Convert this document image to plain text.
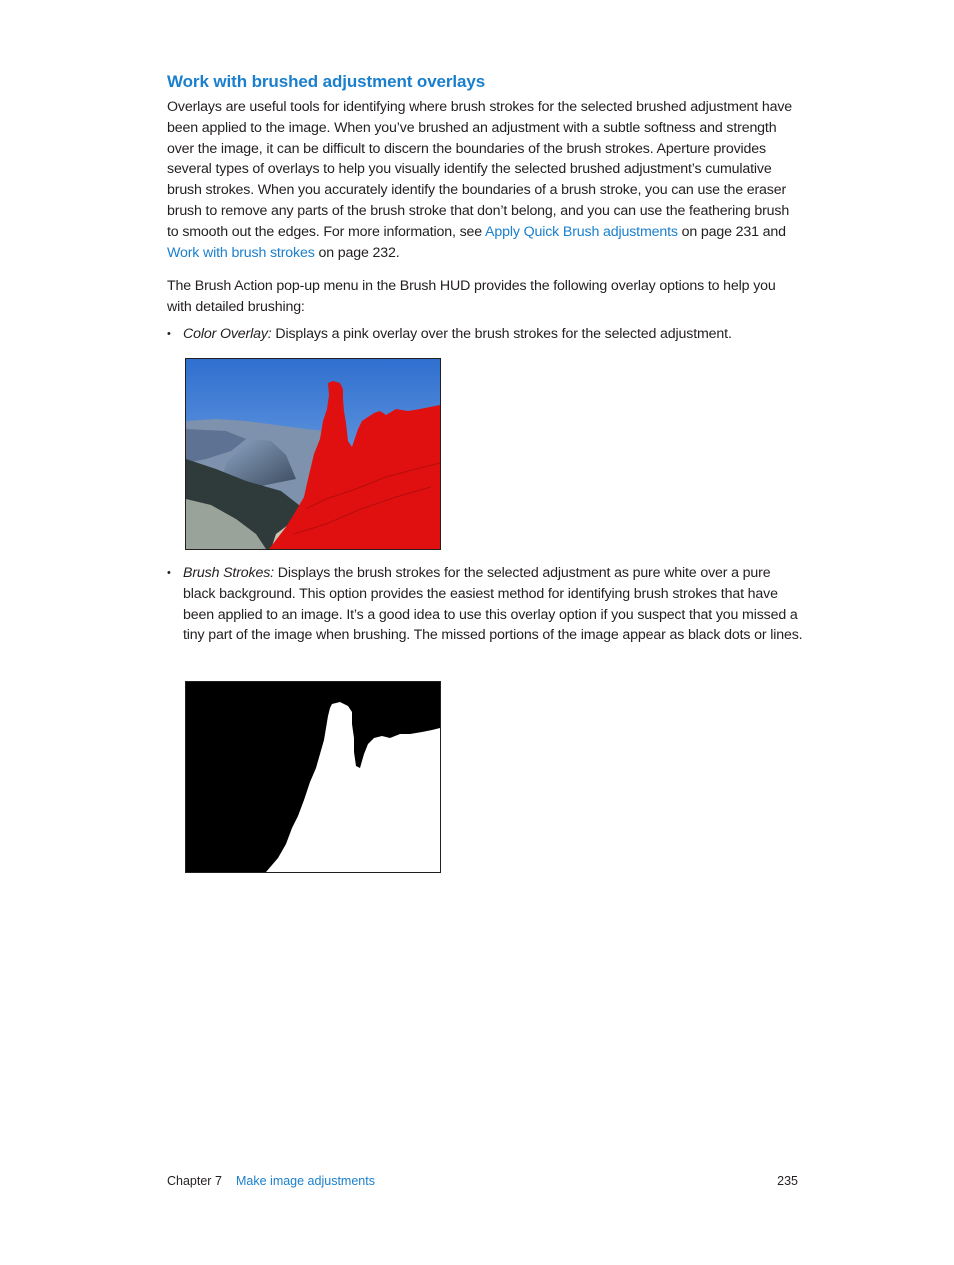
Work with brushed adjustment overlays
Overlays are useful tools for identifying where brush strokes for the selected brushed adjustment have been applied to the image. When you’ve brushed an adjustment with a subtle softness and strength over the image, it can be difficult to discern the boundaries of the brush strokes. Aperture provides several types of overlays to help you visually identify the selected brushed adjustment’s cumulative brush strokes. When you accurately identify the boundaries of a brush stroke, you can use the eraser brush to remove any parts of the brush stroke that don’t belong, and you can use the feathering brush to smooth out the edges. For more information, see Apply Quick Brush adjustments on page 231 and Work with brush strokes on page 232.
The Brush Action pop-up menu in the Brush HUD provides the following overlay options to help you with detailed brushing:
• Color Overlay: Displays a pink overlay over the brush strokes for the selected adjustment.
• Brush Strokes: Displays the brush strokes for the selected adjustment as pure white over a pure black background. This option provides the easiest method for identifying brush strokes that have been applied to an image. It’s a good idea to use this overlay option if you suspect that you missed a tiny part of the image when brushing. The missed portions of the image appear as black dots or lines.
Chapter 7 Make image adjustments	235
